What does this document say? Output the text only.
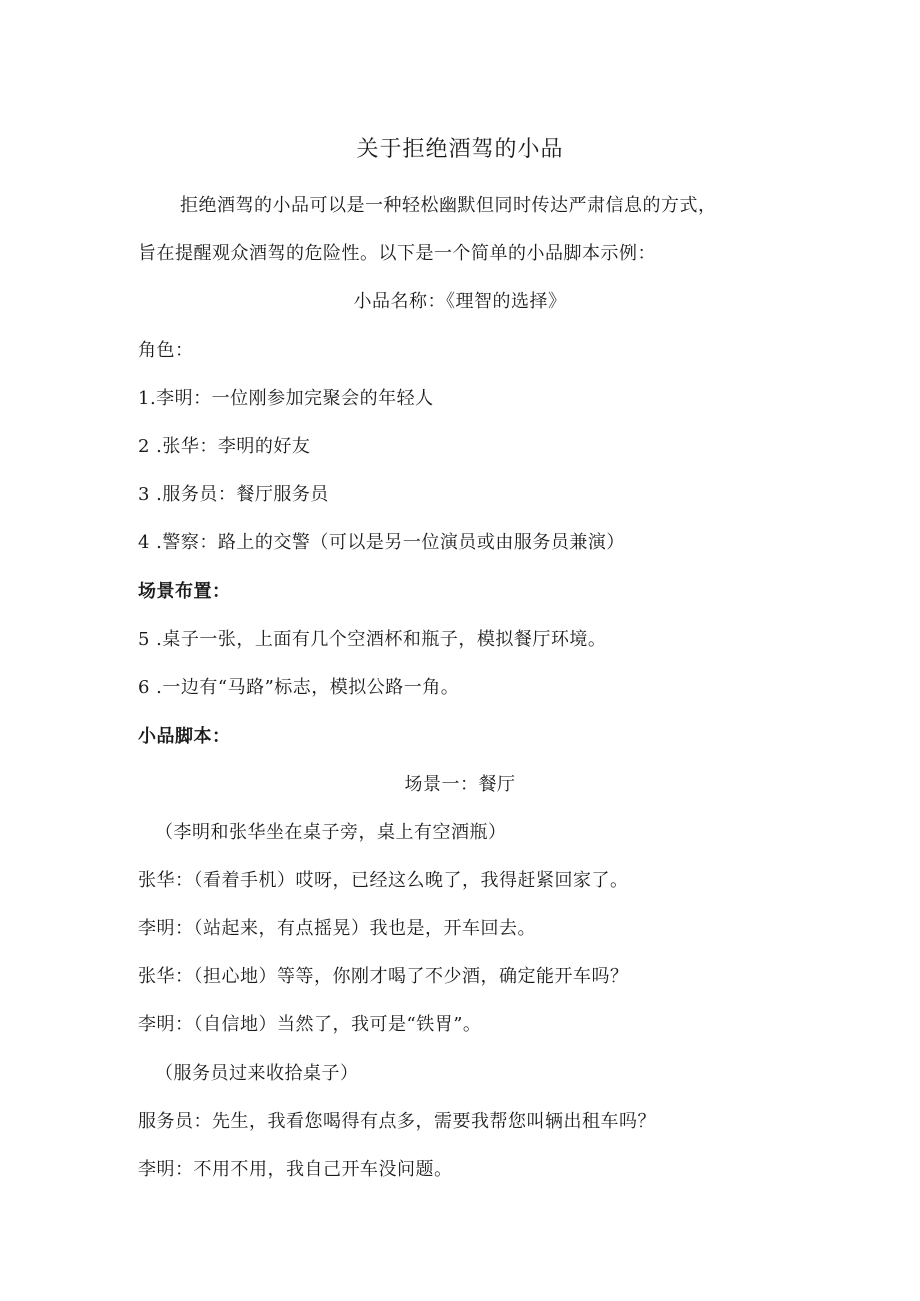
关于拒绝酒驾的小品
拒绝酒驾的小品可以是一种轻松幽默但同时传达严肃信息的方式，
旨在提醒观众酒驾的危险性。以下是一个简单的小品脚本示例：
小品名称：《理智的选择》
角色：
1.李明：一位刚参加完聚会的年轻人
2 .张华：李明的好友
3 .服务员：餐厅服务员
4 .警察：路上的交警（可以是另一位演员或由服务员兼演）
场景布置：
5 .桌子一张，上面有几个空酒杯和瓶子，模拟餐厅环境。
6 .一边有“马路”标志，模拟公路一角。
小品脚本：
场景一：餐厅
（李明和张华坐在桌子旁，桌上有空酒瓶）
张华：（看着手机）哎呀，已经这么晚了，我得赶紧回家了。
李明：（站起来，有点摇晃）我也是，开车回去。
张华：（担心地）等等，你刚才喝了不少酒，确定能开车吗？
李明：（自信地）当然了，我可是“铁胃”。
（服务员过来收拾桌子）
服务员：先生，我看您喝得有点多，需要我帮您叫辆出租车吗？
李明：不用不用，我自己开车没问题。
